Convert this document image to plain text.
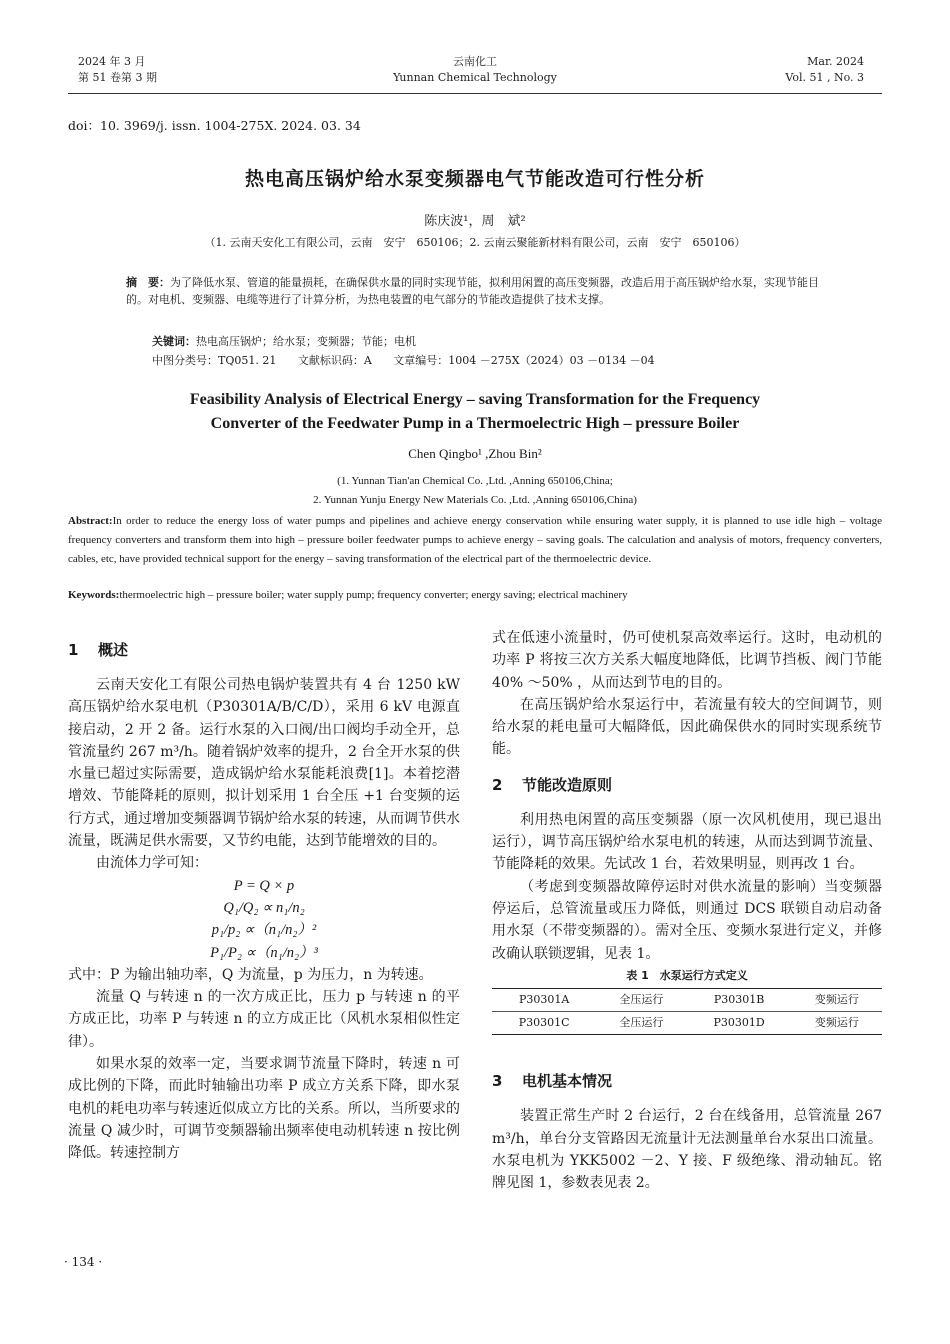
2024 年 3 月
第 51 卷第 3 期
云南化工
Yunnan Chemical Technology
Mar. 2024
Vol. 51 , No. 3
doi：10. 3969/j. issn. 1004-275X. 2024. 03. 34
热电高压锅炉给水泵变频器电气节能改造可行性分析
陈庆波¹，周　斌²
（1. 云南天安化工有限公司，云南　安宁　650106；2. 云南云聚能新材料有限公司，云南　安宁　650106）
摘　要：为了降低水泵、管道的能量损耗，在确保供水量的同时实现节能，拟利用闲置的高压变频器，改造后用于高压锅炉给水泵，实现节能目的。对电机、变频器、电缆等进行了计算分析，为热电装置的电气部分的节能改造提供了技术支撑。
关键词：热电高压锅炉；给水泵；变频器；节能；电机
中图分类号：TQ051. 21 文献标识码：A 文章编号：1004 －275X（2024）03 －0134 －04
Feasibility Analysis of Electrical Energy – saving Transformation for the Frequency
Converter of the Feedwater Pump in a Thermoelectric High – pressure Boiler
Chen Qingbo¹ ,Zhou Bin²
(1. Yunnan Tian'an Chemical Co. ,Ltd. ,Anning 650106,China;
2. Yunnan Yunju Energy New Materials Co. ,Ltd. ,Anning 650106,China)
Abstract:In order to reduce the energy loss of water pumps and pipelines and achieve energy conservation while ensuring water supply, it is planned to use idle high – voltage frequency converters and transform them into high – pressure boiler feedwater pumps to achieve energy – saving goals. The calculation and analysis of motors, frequency converters, cables, etc, have provided technical support for the energy – saving transformation of the electrical part of the thermoelectric device.
Keywords:thermoelectric high – pressure boiler; water supply pump; frequency converter; energy saving; electrical machinery
1 概述

云南天安化工有限公司热电锅炉装置共有 4 台 1250 kW 高压锅炉给水泵电机（P30301A/B/C/D），采用 6 kV 电源直接启动，2 开 2 备。运行水泵的入口阀/出口阀均手动全开，总管流量约 267 m³/h。随着锅炉效率的提升，2 台全开水泵的供水量已超过实际需要，造成锅炉给水泵能耗浪费[1]。本着挖潜增效、节能降耗的原则，拟计划采用 1 台全压 +1 台变频的运行方式，通过增加变频器调节锅炉给水泵的转速，从而调节供水流量，既满足供水需要，又节约电能，达到节能增效的目的。

由流体力学可知：

P = Q × p
Q₁/Q₂ ∝ n₁/n₂
p₁/p₂ ∝（n₁/n₂）²
P₁/P₂ ∝（n₁/n₂）³

式中：P 为输出轴功率，Q 为流量，p 为压力，n 为转速。

流量 Q 与转速 n 的一次方成正比，压力 p 与转速 n 的平方成正比，功率 P 与转速 n 的立方成正比（风机水泵相似性定律）。

如果水泵的效率一定，当要求调节流量下降时，转速 n 可成比例的下降，而此时轴输出功率 P 成立方关系下降，即水泵电机的耗电功率与转速近似成立方比的关系。所以，当所要求的流量 Q 减少时，可调节变频器输出频率使电动机转速 n 按比例降低。转速控制方

式在低速小流量时，仍可使机泵高效率运行。这时，电动机的功率 P 将按三次方关系大幅度地降低，比调节挡板、阀门节能 40% ～50% ，从而达到节电的目的。

在高压锅炉给水泵运行中，若流量有较大的空间调节，则给水泵的耗电量可大幅降低，因此确保供水的同时实现系统节能。

2 节能改造原则

利用热电闲置的高压变频器（原一次风机使用，现已退出运行），调节高压锅炉给水泵电机的转速，从而达到调节流量、节能降耗的效果。先试改 1 台，若效果明显，则再改 1 台。

（考虑到变频器故障停运时对供水流量的影响）当变频器停运后，总管流量或压力降低，则通过 DCS 联锁自动启动备用水泵（不带变频器的）。需对全压、变频水泵进行定义，并修改确认联锁逻辑，见表 1。

表 1　水泵运行方式定义
P30301A	全压运行	P30301B	变频运行
P30301C	全压运行	P30301D	变频运行
3 电机基本情况

装置正常生产时 2 台运行，2 台在线备用，总管流量 267 m³/h，单台分支管路因无流量计无法测量单台水泵出口流量。水泵电机为 YKK5002 －2、Y 接、F 级绝缘、滑动轴瓦。铭牌见图 1，参数表见表 2。

· 134 ·
